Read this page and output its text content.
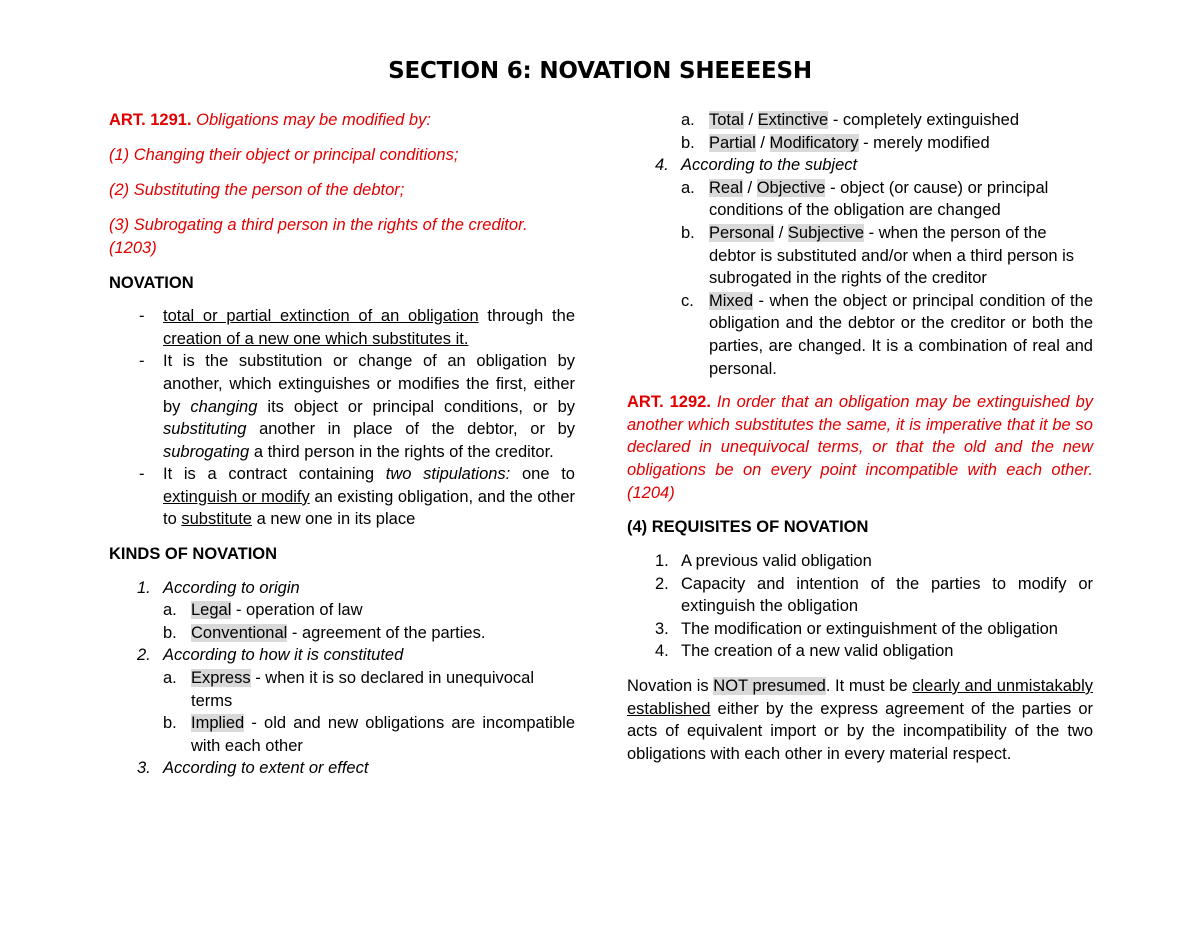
SECTION 6: NOVATION SHEEEESH

ART. 1291. Obligations may be modified by:

(1) Changing their object or principal conditions;

(2) Substituting the person of the debtor;

(3) Subrogating a third person in the rights of the creditor. (1203)

NOVATION
- total or partial extinction of an obligation through the creation of a new one which substitutes it.
- It is the substitution or change of an obligation by another, which extinguishes or modifies the first, either by changing its object or principal conditions, or by substituting another in place of the debtor, or by subrogating a third person in the rights of the creditor.
- It is a contract containing two stipulations: one to extinguish or modify an existing obligation, and the other to substitute a new one in its place
KINDS OF NOVATION
1. According to origin
a. Legal - operation of law
b. Conventional - agreement of the parties.
2. According to how it is constituted
a. Express - when it is so declared in unequivocal terms
b. Implied - old and new obligations are incompatible with each other
3. According to extent or effect
a. Total / Extinctive - completely extinguished
b. Partial / Modificatory - merely modified
4. According to the subject
a. Real / Objective - object (or cause) or principal conditions of the obligation are changed
b. Personal / Subjective - when the person of the debtor is substituted and/or when a third person is subrogated in the rights of the creditor
c. Mixed - when the object or principal condition of the obligation and the debtor or the creditor or both the parties, are changed. It is a combination of real and personal.

ART. 1292. In order that an obligation may be extinguished by another which substitutes the same, it is imperative that it be so declared in unequivocal terms, or that the old and the new obligations be on every point incompatible with each other. (1204)

(4) REQUISITES OF NOVATION
1. A previous valid obligation
2. Capacity and intention of the parties to modify or extinguish the obligation
3. The modification or extinguishment of the obligation
4. The creation of a new valid obligation

Novation is NOT presumed. It must be clearly and unmistakably established either by the express agreement of the parties or acts of equivalent import or by the incompatibility of the two obligations with each other in every material respect.
